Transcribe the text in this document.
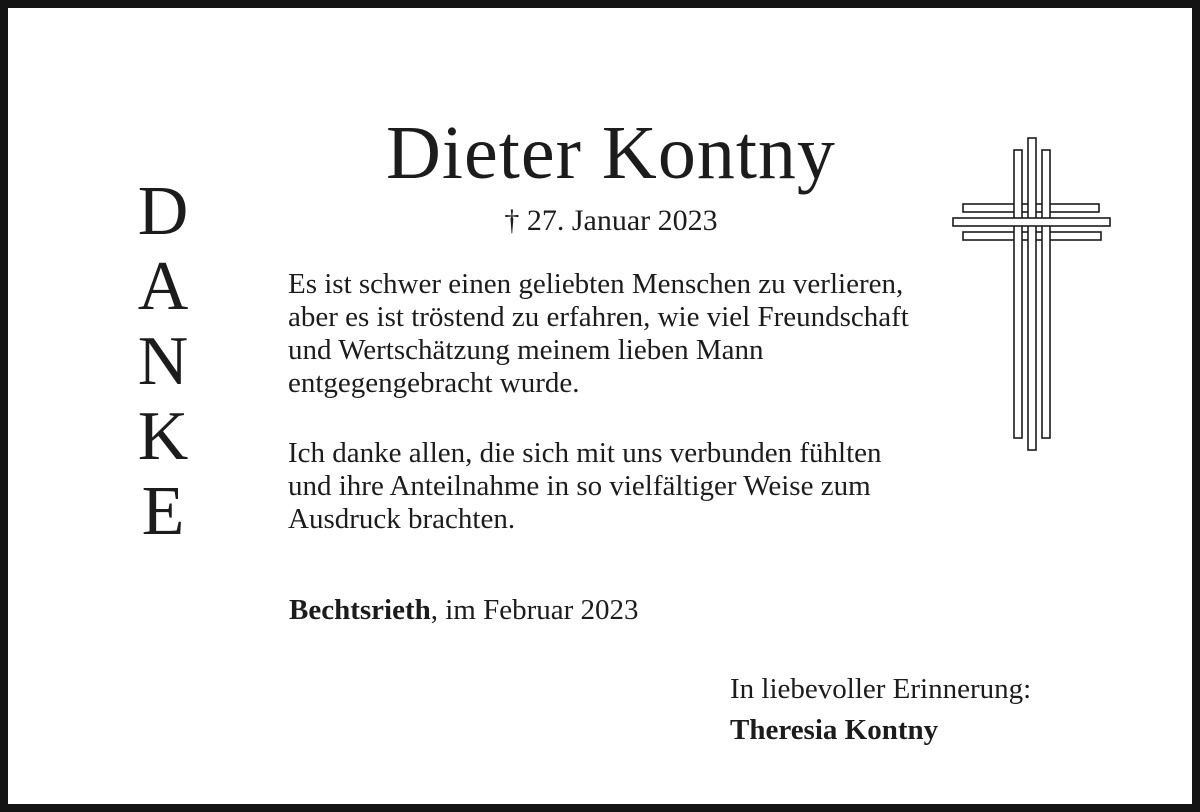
D
A
N
K
E
Dieter Kontny
† 27. Januar 2023

Es ist schwer einen geliebten Menschen zu verlieren,
aber es ist tröstend zu erfahren, wie viel Freundschaft
und Wertschätzung meinem lieben Mann
entgegengebracht wurde.

Ich danke allen, die sich mit uns verbunden fühlten
und ihre Anteilnahme in so vielfältiger Weise zum
Ausdruck brachten.

Bechtsrieth, im Februar 2023
In liebevoller Erinnerung:
Theresia Kontny
